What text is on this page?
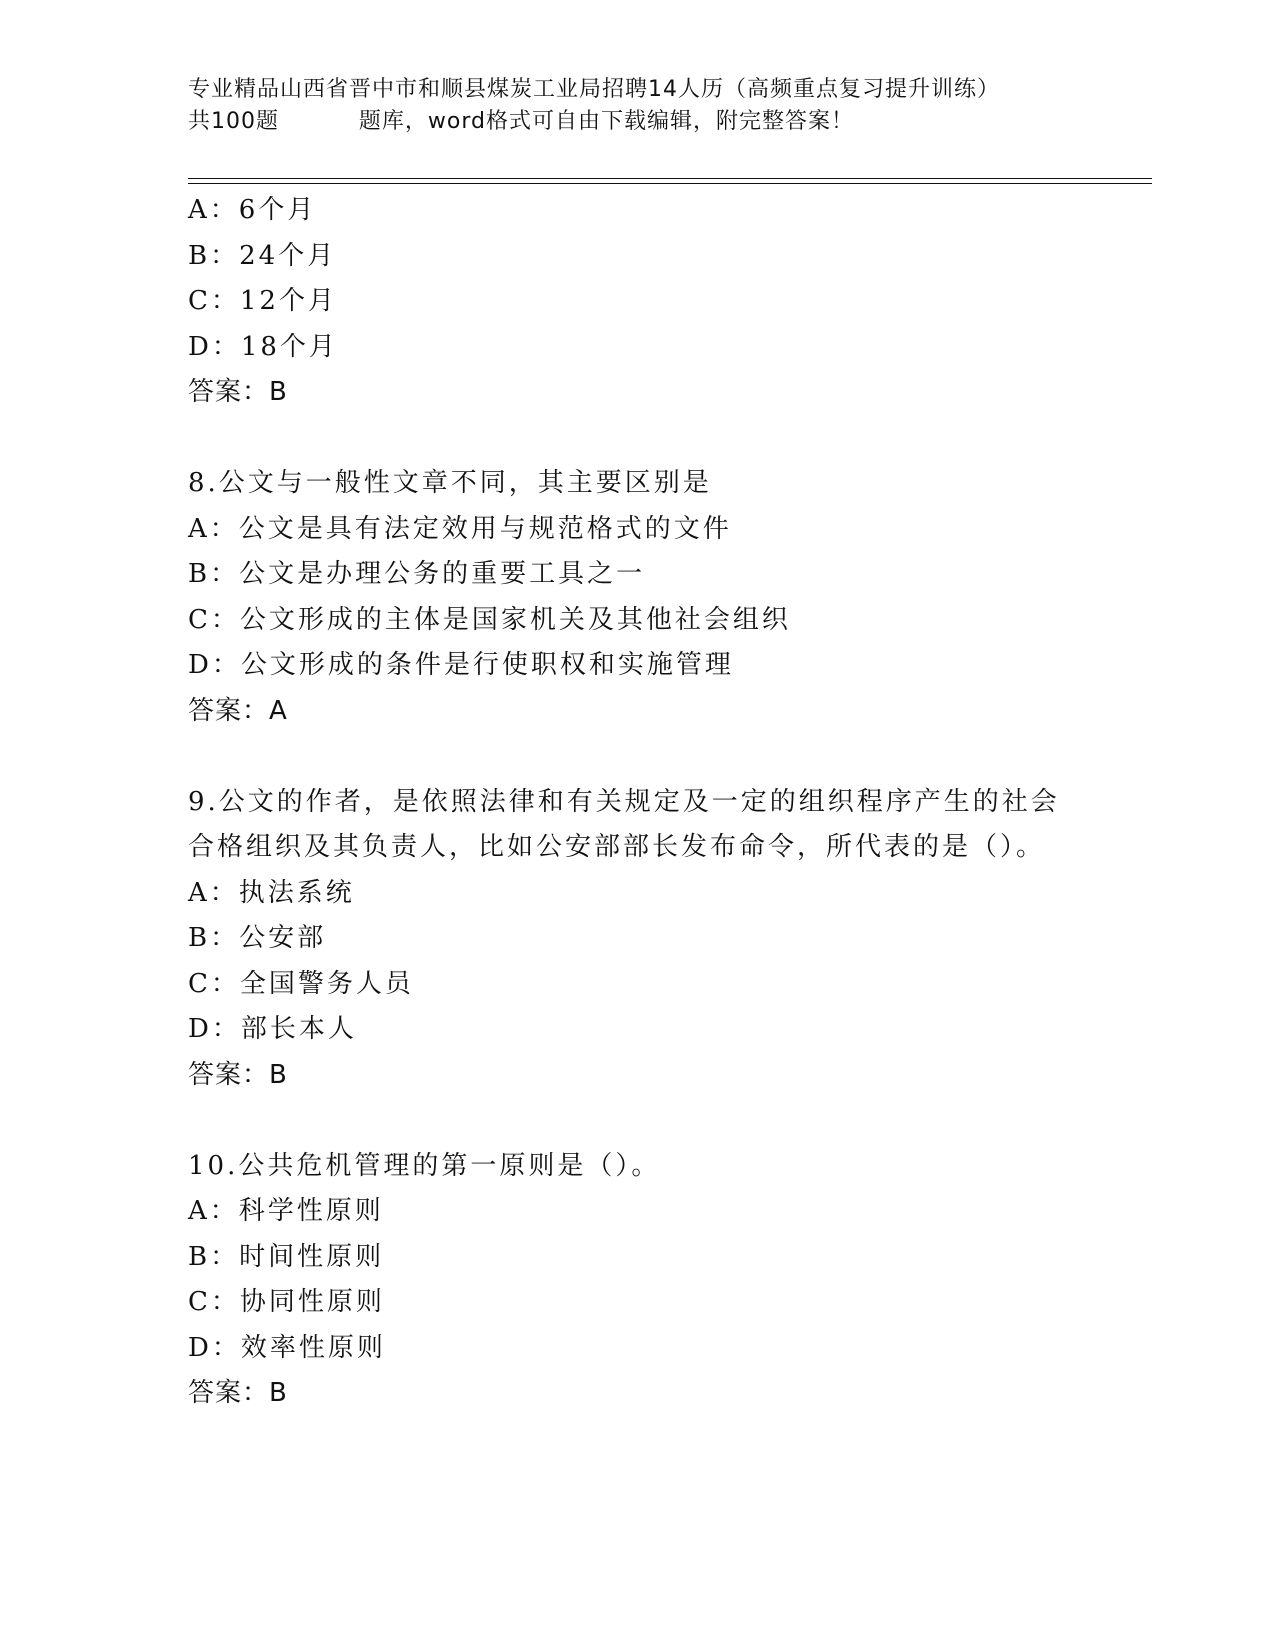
专业精品山西省晋中市和顺县煤炭工业局招聘14人历（高频重点复习提升训练）
共100题          题库，word格式可自由下载编辑，附完整答案！
A：6个月
B：24个月
C：12个月
D：18个月
答案：B
8.公文与一般性文章不同，其主要区别是
A：公文是具有法定效用与规范格式的文件
B：公文是办理公务的重要工具之一
C：公文形成的主体是国家机关及其他社会组织
D：公文形成的条件是行使职权和实施管理
答案：A
9.公文的作者，是依照法律和有关规定及一定的组织程序产生的社会
合格组织及其负责人，比如公安部部长发布命令，所代表的是（）。
A：执法系统
B：公安部
C：全国警务人员
D：部长本人
答案：B
10.公共危机管理的第一原则是（）。
A：科学性原则
B：时间性原则
C：协同性原则
D：效率性原则
答案：B
